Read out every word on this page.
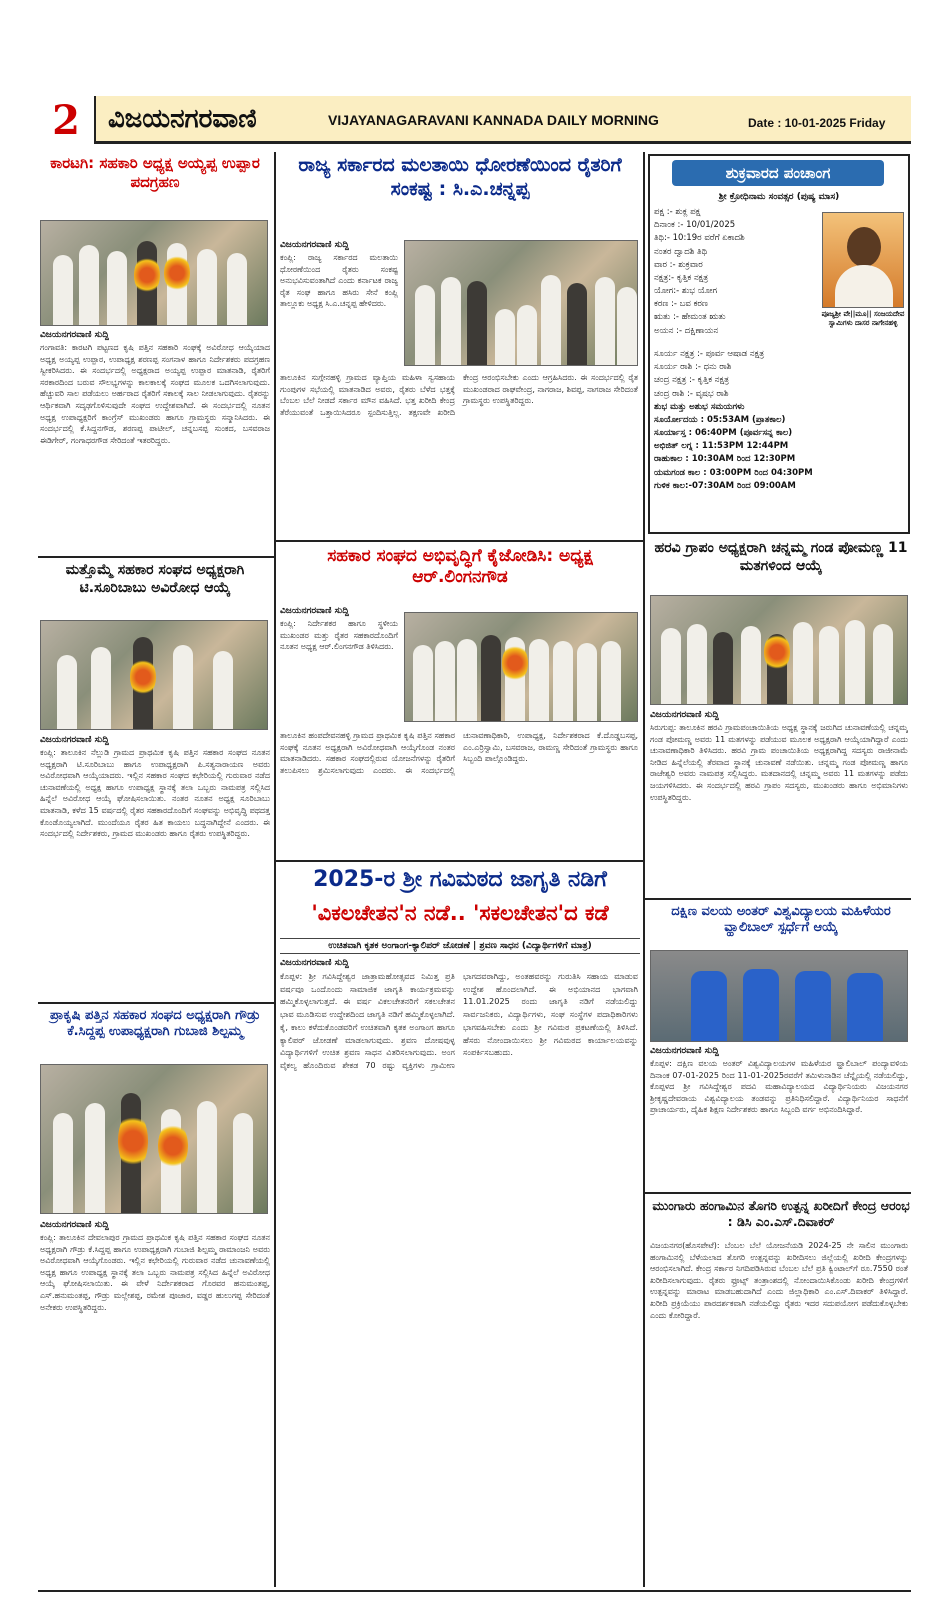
2	ವಿಜಯನಗರವಾಣಿ	VIJAYANAGARAVANI KANNADA DAILY MORNING	Date : 10-01-2025 Friday
ಕಾರಟಗಿ: ಸಹಕಾರಿ ಅಧ್ಯಕ್ಷ ಅಯ್ಯಪ್ಪ ಉಪ್ಪಾರ ಪದಗ್ರಹಣ
ವಿಜಯನಗರವಾಣಿ ಸುದ್ದಿ
ಗಂಗಾವತಿ: ಕಾರಟಗಿ ಪಟ್ಟಣದ ಕೃಷಿ ಪತ್ತಿನ ಸಹಕಾರಿ ಸಂಘಕ್ಕೆ ಅವಿರೋಧ ಆಯ್ಕೆಯಾದ ಅಧ್ಯಕ್ಷ ಅಯ್ಯಪ್ಪ ಉಪ್ಪಾರ, ಉಪಾಧ್ಯಕ್ಷ ಶರಣಪ್ಪ ಸಂಗನಾಳ ಹಾಗೂ ನಿರ್ದೇಶಕರು ಪದಗ್ರಹಣ ಸ್ವೀಕರಿಸಿದರು. ಈ ಸಂದರ್ಭದಲ್ಲಿ ಅಧ್ಯಕ್ಷರಾದ ಅಯ್ಯಪ್ಪ ಉಪ್ಪಾರ ಮಾತನಾಡಿ, ರೈತರಿಗೆ ಸರಕಾರದಿಂದ ಬರುವ ಸೌಲಭ್ಯಗಳನ್ನು ಕಾಲಕಾಲಕ್ಕೆ ಸಂಘದ ಮೂಲಕ ಒದಗಿಸಲಾಗುವುದು. ಹೆಚ್ಚುವರಿ ಸಾಲ ಪಡೆಯಲು ಅರ್ಹರಾದ ರೈತರಿಗೆ ಸಕಾಲಕ್ಕೆ ಸಾಲ ನೀಡಲಾಗುವುದು. ರೈತರನ್ನು ಆರ್ಥಿಕವಾಗಿ ಸದೃಢಗೊಳಿಸುವುದೇ ಸಂಘದ ಉದ್ದೇಶವಾಗಿದೆ. ಈ ಸಂದರ್ಭದಲ್ಲಿ ನೂತನ ಅಧ್ಯಕ್ಷ ಉಪಾಧ್ಯಕ್ಷರಿಗೆ ಕಾಂಗ್ರೆಸ್ ಮುಖಂಡರು ಹಾಗೂ ಗ್ರಾಮಸ್ಥರು ಸನ್ಮಾನಿಸಿದರು. ಈ ಸಂದರ್ಭದಲ್ಲಿ ಕೆ.ಸಿದ್ದನಗೌಡ, ಶರಣಪ್ಪ ಪಾಟೀಲ್, ಚನ್ನಬಸಪ್ಪ ಸುಂಕದ, ಬಸವರಾಜ ಈಡಿಗೇರ್, ಗಂಗಾಧರಗೌಡ ಸೇರಿದಂತೆ ಇತರರಿದ್ದರು.
ಮತ್ತೊಮ್ಮೆ ಸಹಕಾರ ಸಂಘದ ಅಧ್ಯಕ್ಷರಾಗಿ ಟಿ.ಸೂರಿಬಾಬು ಅವಿರೋಧ ಆಯ್ಕೆ
ವಿಜಯನಗರವಾಣಿ ಸುದ್ದಿ
ಕಂಪ್ಲಿ: ತಾಲೂಕಿನ ನೆಲ್ಲುಡಿ ಗ್ರಾಮದ ಪ್ರಾಥಮಿಕ ಕೃಷಿ ಪತ್ತಿನ ಸಹಕಾರ ಸಂಘದ ನೂತನ ಅಧ್ಯಕ್ಷರಾಗಿ ಟಿ.ಸೂರಿಬಾಬು ಹಾಗೂ ಉಪಾಧ್ಯಕ್ಷರಾಗಿ ಪಿ.ಸತ್ಯನಾರಾಯಣ ಅವರು ಅವಿರೋಧವಾಗಿ ಆಯ್ಕೆಯಾದರು. ಇಲ್ಲಿನ ಸಹಕಾರ ಸಂಘದ ಕಛೇರಿಯಲ್ಲಿ ಗುರುವಾರ ನಡೆದ ಚುನಾವಣೆಯಲ್ಲಿ ಅಧ್ಯಕ್ಷ ಹಾಗೂ ಉಪಾಧ್ಯಕ್ಷ ಸ್ಥಾನಕ್ಕೆ ತಲಾ ಒಬ್ಬರು ನಾಮಪತ್ರ ಸಲ್ಲಿಸಿದ ಹಿನ್ನೆಲೆ ಅವಿರೋಧ ಆಯ್ಕೆ ಘೋಷಿಸಲಾಯಿತು. ನಂತರ ನೂತನ ಅಧ್ಯಕ್ಷ ಸೂರಿಬಾಬು ಮಾತನಾಡಿ, ಕಳೆದ 15 ವರ್ಷದಲ್ಲಿ ರೈತರ ಸಹಕಾರದೊಂದಿಗೆ ಸಂಘವನ್ನು ಅಭಿವೃದ್ಧಿ ಪಥದತ್ತ ಕೊಂಡೊಯ್ಯಲಾಗಿದೆ. ಮುಂದೆಯೂ ರೈತರ ಹಿತ ಕಾಯಲು ಬದ್ಧನಾಗಿದ್ದೇನೆ ಎಂದರು. ಈ ಸಂದರ್ಭದಲ್ಲಿ ನಿರ್ದೇಶಕರು, ಗ್ರಾಮದ ಮುಖಂಡರು ಹಾಗೂ ರೈತರು ಉಪಸ್ಥಿತರಿದ್ದರು.
ಪ್ರಾಕೃಷಿ ಪತ್ತಿನ ಸಹಕಾರ ಸಂಘದ ಅಧ್ಯಕ್ಷರಾಗಿ ಗೌಡ್ರು ಕೆ.ಸಿದ್ದಪ್ಪ ಉಪಾಧ್ಯಕ್ಷರಾಗಿ ಗುಬಾಜಿ ಶಿಲ್ಪಮ್ಮ
ವಿಜಯನಗರವಾಣಿ ಸುದ್ದಿ
ಕಂಪ್ಲಿ: ತಾಲೂಕಿನ ದೇವಲಾಪುರ ಗ್ರಾಮದ ಪ್ರಾಥಮಿಕ ಕೃಷಿ ಪತ್ತಿನ ಸಹಕಾರ ಸಂಘದ ನೂತನ ಅಧ್ಯಕ್ಷರಾಗಿ ಗೌಡ್ರು ಕೆ.ಸಿದ್ದಪ್ಪ ಹಾಗೂ ಉಪಾಧ್ಯಕ್ಷರಾಗಿ ಗುಬಾಜಿ ಶಿಲ್ಪಮ್ಮ ರಾಮಾಂಜನಿ ಅವರು ಅವಿರೋಧವಾಗಿ ಆಯ್ಕೆಗೊಂಡರು. ಇಲ್ಲಿನ ಕಛೇರಿಯಲ್ಲಿ ಗುರುವಾರ ನಡೆದ ಚುನಾವಣೆಯಲ್ಲಿ ಅಧ್ಯಕ್ಷ ಹಾಗೂ ಉಪಾಧ್ಯಕ್ಷ ಸ್ಥಾನಕ್ಕೆ ತಲಾ ಒಬ್ಬರು ನಾಮಪತ್ರ ಸಲ್ಲಿಸಿದ ಹಿನ್ನೆಲೆ ಅವಿರೋಧ ಆಯ್ಕೆ ಘೋಷಿಸಲಾಯಿತು. ಈ ವೇಳೆ ನಿರ್ದೇಶಕರಾದ ಗೊರವರ ಹನುಮಂತಪ್ಪ, ಎಸ್.ಹನುಮಂತಪ್ಪ, ಗೌಡ್ರು ಮಲ್ಲೇಶಪ್ಪ, ರಮೇಶ ಪೂಜಾರ, ವಡ್ಡರ ಹುಲುಗಪ್ಪ ಸೇರಿದಂತೆ ಅನೇಕರು ಉಪಸ್ಥಿತರಿದ್ದರು.
ರಾಜ್ಯ ಸರ್ಕಾರದ ಮಲತಾಯಿ ಧೋರಣೆಯಿಂದ ರೈತರಿಗೆ ಸಂಕಷ್ಟ : ಸಿ.ಎ.ಚನ್ನಪ್ಪ
ವಿಜಯನಗರವಾಣಿ ಸುದ್ದಿ
ಕಂಪ್ಲಿ: ರಾಜ್ಯ ಸರ್ಕಾರದ ಮಲತಾಯಿ ಧೋರಣೆಯಿಂದ ರೈತರು ಸಂಕಷ್ಟ ಅನುಭವಿಸುವಂತಾಗಿದೆ ಎಂದು ಕರ್ನಾಟಕ ರಾಜ್ಯ ರೈತ ಸಂಘ ಹಾಗೂ ಹಸಿರು ಸೇನೆ ಕಂಪ್ಲಿ ತಾಲ್ಲೂಕು ಅಧ್ಯಕ್ಷ ಸಿ.ಎ.ಚನ್ನಪ್ಪ ಹೇಳಿದರು.
ತಾಲೂಕಿನ ಸುಗ್ಗೇನಹಳ್ಳಿ ಗ್ರಾಮದ ವ್ಯಾಪ್ತಿಯ ಮಹಿಳಾ ಸ್ವಸಹಾಯ ಗುಂಪುಗಳ ಸಭೆಯಲ್ಲಿ ಮಾತನಾಡಿದ ಅವರು, ರೈತರು ಬೆಳೆದ ಭತ್ತಕ್ಕೆ ಬೆಂಬಲ ಬೆಲೆ ನೀಡದೆ ಸರ್ಕಾರ ಮೌನ ವಹಿಸಿದೆ. ಭತ್ತ ಖರೀದಿ ಕೇಂದ್ರ ತೆರೆಯುವಂತೆ ಒತ್ತಾಯಿಸಿದರೂ ಸ್ಪಂದಿಸುತ್ತಿಲ್ಲ. ತಕ್ಷಣವೇ ಖರೀದಿ ಕೇಂದ್ರ ಆರಂಭಿಸಬೇಕು ಎಂದು ಆಗ್ರಹಿಸಿದರು. ಈ ಸಂದರ್ಭದಲ್ಲಿ ರೈತ ಮುಖಂಡರಾದ ರಾಘವೇಂದ್ರ, ನಾಗರಾಜ, ಶಿವಪ್ಪ, ನಾಗರಾಜ ಸೇರಿದಂತೆ ಗ್ರಾಮಸ್ಥರು ಉಪಸ್ಥಿತರಿದ್ದರು.
ಸಹಕಾರ ಸಂಘದ ಅಭಿವೃದ್ಧಿಗೆ ಕೈಜೋಡಿಸಿ: ಅಧ್ಯಕ್ಷ ಆರ್.ಲಿಂಗನಗೌಡ
ವಿಜಯನಗರವಾಣಿ ಸುದ್ದಿ
ಕಂಪ್ಲಿ: ನಿರ್ದೇಶಕರ ಹಾಗೂ ಸ್ಥಳೀಯ ಮುಖಂಡರ ಮತ್ತು ರೈತರ ಸಹಕಾರದೊಂದಿಗೆ ನೂತನ ಅಧ್ಯಕ್ಷ ಆರ್.ಲಿಂಗನಗೌಡ ತಿಳಿಸಿದರು.
ತಾಲೂಕಿನ ಹಂಪದೇವನಹಳ್ಳಿ ಗ್ರಾಮದ ಪ್ರಾಥಮಿಕ ಕೃಷಿ ಪತ್ತಿನ ಸಹಕಾರ ಸಂಘಕ್ಕೆ ನೂತನ ಅಧ್ಯಕ್ಷರಾಗಿ ಅವಿರೋಧವಾಗಿ ಆಯ್ಕೆಗೊಂಡ ನಂತರ ಮಾತನಾಡಿದರು. ಸಹಕಾರ ಸಂಘದಲ್ಲಿರುವ ಯೋಜನೆಗಳನ್ನು ರೈತರಿಗೆ ತಲುಪಿಸಲು ಶ್ರಮಿಸಲಾಗುವುದು ಎಂದರು. ಈ ಸಂದರ್ಭದಲ್ಲಿ ಚುನಾವಣಾಧಿಕಾರಿ, ಉಪಾಧ್ಯಕ್ಷ, ನಿರ್ದೇಶಕರಾದ ಕೆ.ದೊಡ್ಡಬಸಪ್ಪ, ಎಂ.ಎರ್ರಿಸ್ವಾಮಿ, ಬಸವರಾಜ, ರಾಮಣ್ಣ ಸೇರಿದಂತೆ ಗ್ರಾಮಸ್ಥರು ಹಾಗೂ ಸಿಬ್ಬಂದಿ ಪಾಲ್ಗೊಂಡಿದ್ದರು.
2025-ರ ಶ್ರೀ ಗವಿಮಠದ ಜಾಗೃತಿ ನಡಿಗೆ
'ವಿಕಲಚೇತನ'ನ ನಡೆ.. 'ಸಕಲಚೇತನ'ದ ಕಡೆ
ಉಚಿತವಾಗಿ ಕೃತಕ ಅಂಗಾಂಗ-ಕ್ಯಾಲಿಪರ್ ಜೋಡಣೆ | ಶ್ರವಣ ಸಾಧನ (ವಿದ್ಯಾರ್ಥಿಗಳಿಗೆ ಮಾತ್ರ)
ವಿಜಯನಗರವಾಣಿ ಸುದ್ದಿ
ಕೊಪ್ಪಳ: ಶ್ರೀ ಗವಿಸಿದ್ದೇಶ್ವರ ಜಾತ್ರಾಮಹೋತ್ಸವದ ನಿಮಿತ್ತ ಪ್ರತಿ ವರ್ಷವೂ ಒಂದೊಂದು ಸಾಮಾಜಿಕ ಜಾಗೃತಿ ಕಾರ್ಯಕ್ರಮವನ್ನು ಹಮ್ಮಿಕೊಳ್ಳಲಾಗುತ್ತದೆ. ಈ ವರ್ಷ ವಿಕಲಚೇತನರಿಗೆ ಸಕಲಚೇತನ ಭಾವ ಮೂಡಿಸುವ ಉದ್ದೇಶದಿಂದ ಜಾಗೃತಿ ನಡಿಗೆ ಹಮ್ಮಿಕೊಳ್ಳಲಾಗಿದೆ. ಕೈ, ಕಾಲು ಕಳೆದುಕೊಂಡವರಿಗೆ ಉಚಿತವಾಗಿ ಕೃತಕ ಅಂಗಾಂಗ ಹಾಗೂ ಕ್ಯಾಲಿಪರ್ ಜೋಡಣೆ ಮಾಡಲಾಗುವುದು. ಶ್ರವಣ ದೋಷವುಳ್ಳ ವಿದ್ಯಾರ್ಥಿಗಳಿಗೆ ಉಚಿತ ಶ್ರವಣ ಸಾಧನ ವಿತರಿಸಲಾಗುವುದು. ಅಂಗ ವೈಕಲ್ಯ ಹೊಂದಿರುವ ಶೇಕಡ 70 ರಷ್ಟು ವ್ಯಕ್ತಿಗಳು ಗ್ರಾಮೀಣ ಭಾಗದವರಾಗಿದ್ದು, ಅಂತಹವರನ್ನು ಗುರುತಿಸಿ ಸಹಾಯ ಮಾಡುವ ಉದ್ದೇಶ ಹೊಂದಲಾಗಿದೆ. ಈ ಅಭಿಯಾನದ ಭಾಗವಾಗಿ 11.01.2025 ರಂದು ಜಾಗೃತಿ ನಡಿಗೆ ನಡೆಯಲಿದ್ದು ಸಾರ್ವಜನಿಕರು, ವಿದ್ಯಾರ್ಥಿಗಳು, ಸಂಘ ಸಂಸ್ಥೆಗಳ ಪದಾಧಿಕಾರಿಗಳು ಭಾಗವಹಿಸಬೇಕು ಎಂದು ಶ್ರೀ ಗವಿಮಠ ಪ್ರಕಟಣೆಯಲ್ಲಿ ತಿಳಿಸಿದೆ. ಹೆಸರು ನೋಂದಾಯಿಸಲು ಶ್ರೀ ಗವಿಮಠದ ಕಾರ್ಯಾಲಯವನ್ನು ಸಂಪರ್ಕಿಸಬಹುದು.
ಶುಕ್ರವಾರದ ಪಂಚಾಂಗ
ಶ್ರೀ ಕ್ರೋಧಿನಾಮ ಸಂವತ್ಸರ (ಪುಷ್ಯ ಮಾಸ)
ಪಕ್ಷ :- ಶುಕ್ಲ ಪಕ್ಷ
ದಿನಾಂಕ :- 10/01/2025
ತಿಥಿ:- 10:19ರ ವರೆಗೆ ಏಕಾದಶಿ
ನಂತರ ದ್ವಾದಶಿ ತಿಥಿ
ವಾರ :- ಶುಕ್ರವಾರ
ನಕ್ಷತ್ರ:- ಕೃತ್ತಿಕ ನಕ್ಷತ್ರ
ಯೋಗ:- ಶುಭ ಯೋಗ
ಕರಣ :- ಬವ ಕರಣ
ಋತು :- ಹೇಮಂತ ಋತು
ಅಯನ :- ದಕ್ಷಿಣಾಯನ
ಸೂರ್ಯ ನಕ್ಷತ್ರ :- ಪೂರ್ವ ಆಷಾಡ ನಕ್ಷತ್ರ
ಸೂರ್ಯ ರಾಶಿ :- ಧನು ರಾಶಿ
ಚಂದ್ರ ನಕ್ಷತ್ರ :- ಕೃತ್ತಿಕ ನಕ್ಷತ್ರ
ಚಂದ್ರ ರಾಶಿ :- ವೃಷಭ ರಾಶಿ
ಶುಭ ಮತ್ತು ಅಶುಭ ಸಮಯಗಳು
ಸೂರ್ಯೋದಯ : 05:53AM (ಪ್ರಾತಕಾಲ)
ಸೂರ್ಯಾಸ್ತ : 06:40PM (ಪೂರ್ವಸನ್ನ ಕಾಲ)
ಅಭಿಜಿತ್ ಲಗ್ನ : 11:53PM 12:44PM
ರಾಹುಕಾಲ : 10:30AM ರಿಂದ 12:30PM
ಯಮಗಂಡ ಕಾಲ : 03:00PM ರಿಂದ 04:30PM
ಗುಳಿಕ ಕಾಲ:-07:30AM ರಿಂದ 09:00AM
ಪೂಜ್ಯಶ್ರೀ ವೇ||ಮೂ|| ಸಂಜಯದೇವ ಸ್ವಾಮಿಗಳು ದಾಸರ ನಾಗೇನಹಳ್ಳಿ
ಹರವಿ ಗ್ರಾಪಂ ಅಧ್ಯಕ್ಷರಾಗಿ ಚನ್ನಮ್ಮ ಗಂಡ ಪೋಮಣ್ಣ 11 ಮತಗಳಿಂದ ಆಯ್ಕೆ
ವಿಜಯನಗರವಾಣಿ ಸುದ್ದಿ
ಸಿರುಗುಪ್ಪ: ತಾಲೂಕಿನ ಹರವಿ ಗ್ರಾಮಪಂಚಾಯಿತಿಯ ಅಧ್ಯಕ್ಷ ಸ್ಥಾನಕ್ಕೆ ಜರುಗಿದ ಚುನಾವಣೆಯಲ್ಲಿ ಚನ್ನಮ್ಮ ಗಂಡ ಪೋಮಣ್ಣ ಅವರು 11 ಮತಗಳನ್ನು ಪಡೆಯುವ ಮೂಲಕ ಅಧ್ಯಕ್ಷರಾಗಿ ಆಯ್ಕೆಯಾಗಿದ್ದಾರೆ ಎಂದು ಚುನಾವಣಾಧಿಕಾರಿ ತಿಳಿಸಿದರು. ಹರವಿ ಗ್ರಾಮ ಪಂಚಾಯಿತಿಯ ಅಧ್ಯಕ್ಷರಾಗಿದ್ದ ಸದಸ್ಯರು ರಾಜೀನಾಮೆ ನೀಡಿದ ಹಿನ್ನೆಲೆಯಲ್ಲಿ ತೆರವಾದ ಸ್ಥಾನಕ್ಕೆ ಚುನಾವಣೆ ನಡೆಯಿತು. ಚನ್ನಮ್ಮ ಗಂಡ ಪೋಮಣ್ಣ ಹಾಗೂ ರಾಜೇಶ್ವರಿ ಅವರು ನಾಮಪತ್ರ ಸಲ್ಲಿಸಿದ್ದರು. ಮತದಾನದಲ್ಲಿ ಚನ್ನಮ್ಮ ಅವರು 11 ಮತಗಳನ್ನು ಪಡೆದು ಜಯಗಳಿಸಿದರು. ಈ ಸಂದರ್ಭದಲ್ಲಿ ಹರವಿ ಗ್ರಾಪಂ ಸದಸ್ಯರು, ಮುಖಂಡರು ಹಾಗೂ ಅಭಿಮಾನಿಗಳು ಉಪಸ್ಥಿತರಿದ್ದರು.
ದಕ್ಷಿಣ ವಲಯ ಅಂತರ್ ವಿಶ್ವವಿದ್ಯಾಲಯ ಮಹಿಳೆಯರ ವ್ಹಾಲಿಬಾಲ್ ಸ್ಪರ್ಧೆಗೆ ಆಯ್ಕೆ
ವಿಜಯನಗರವಾಣಿ ಸುದ್ದಿ
ಕೊಪ್ಪಳ: ದಕ್ಷಿಣ ವಲಯ ಅಂತರ್ ವಿಶ್ವವಿದ್ಯಾಲಯಗಳ ಮಹಿಳೆಯರ ವ್ಹಾಲಿಬಾಲ್ ಪಂದ್ಯಾವಳಿಯ ದಿನಾಂಕ 07-01-2025 ರಿಂದ 11-01-2025ರವರೆಗೆ ತಮಿಳುನಾಡಿನ ಚೆನ್ನೈಯಲ್ಲಿ ನಡೆಯಲಿದ್ದು, ಕೊಪ್ಪಳದ ಶ್ರೀ ಗವಿಸಿದ್ದೇಶ್ವರ ಪದವಿ ಮಹಾವಿದ್ಯಾಲಯದ ವಿದ್ಯಾರ್ಥಿನಿಯರು ವಿಜಯನಗರ ಶ್ರೀಕೃಷ್ಣದೇವರಾಯ ವಿಶ್ವವಿದ್ಯಾಲಯ ತಂಡವನ್ನು ಪ್ರತಿನಿಧಿಸಲಿದ್ದಾರೆ. ವಿದ್ಯಾರ್ಥಿನಿಯರ ಸಾಧನೆಗೆ ಪ್ರಾಚಾರ್ಯರು, ದೈಹಿಕ ಶಿಕ್ಷಣ ನಿರ್ದೇಶಕರು ಹಾಗೂ ಸಿಬ್ಬಂದಿ ವರ್ಗ ಅಭಿನಂದಿಸಿದ್ದಾರೆ.
ಮುಂಗಾರು ಹಂಗಾಮಿನ ತೊಗರಿ ಉತ್ಪನ್ನ ಖರೀದಿಗೆ ಕೇಂದ್ರ ಆರಂಭ : ಡಿಸಿ ಎಂ.ಎಸ್.ದಿವಾಕರ್
ವಿಜಯನಗರ(ಹೊಸಪೇಟೆ): ಬೆಂಬಲ ಬೆಲೆ ಯೋಜನೆಯಡಿ 2024-25 ನೇ ಸಾಲಿನ ಮುಂಗಾರು ಹಂಗಾಮಿನಲ್ಲಿ ಬೆಳೆಯಲಾದ ತೊಗರಿ ಉತ್ಪನ್ನವನ್ನು ಖರೀದಿಸಲು ಜಿಲ್ಲೆಯಲ್ಲಿ ಖರೀದಿ ಕೇಂದ್ರಗಳನ್ನು ಆರಂಭಿಸಲಾಗಿದೆ. ಕೇಂದ್ರ ಸರ್ಕಾರ ನಿಗದಿಪಡಿಸಿರುವ ಬೆಂಬಲ ಬೆಲೆ ಪ್ರತಿ ಕ್ವಿಂಟಾಲ್‌ಗೆ ರೂ.7550 ರಂತೆ ಖರೀದಿಸಲಾಗುವುದು. ರೈತರು ಫ್ರೂಟ್ಸ್ ತಂತ್ರಾಂಶದಲ್ಲಿ ನೋಂದಾಯಿಸಿಕೊಂಡು ಖರೀದಿ ಕೇಂದ್ರಗಳಿಗೆ ಉತ್ಪನ್ನವನ್ನು ಮಾರಾಟ ಮಾಡಬಹುದಾಗಿದೆ ಎಂದು ಜಿಲ್ಲಾಧಿಕಾರಿ ಎಂ.ಎಸ್.ದಿವಾಕರ್ ತಿಳಿಸಿದ್ದಾರೆ. ಖರೀದಿ ಪ್ರಕ್ರಿಯೆಯು ಪಾರದರ್ಶಕವಾಗಿ ನಡೆಯಲಿದ್ದು ರೈತರು ಇದರ ಸದುಪಯೋಗ ಪಡೆದುಕೊಳ್ಳಬೇಕು ಎಂದು ಕೋರಿದ್ದಾರೆ.
